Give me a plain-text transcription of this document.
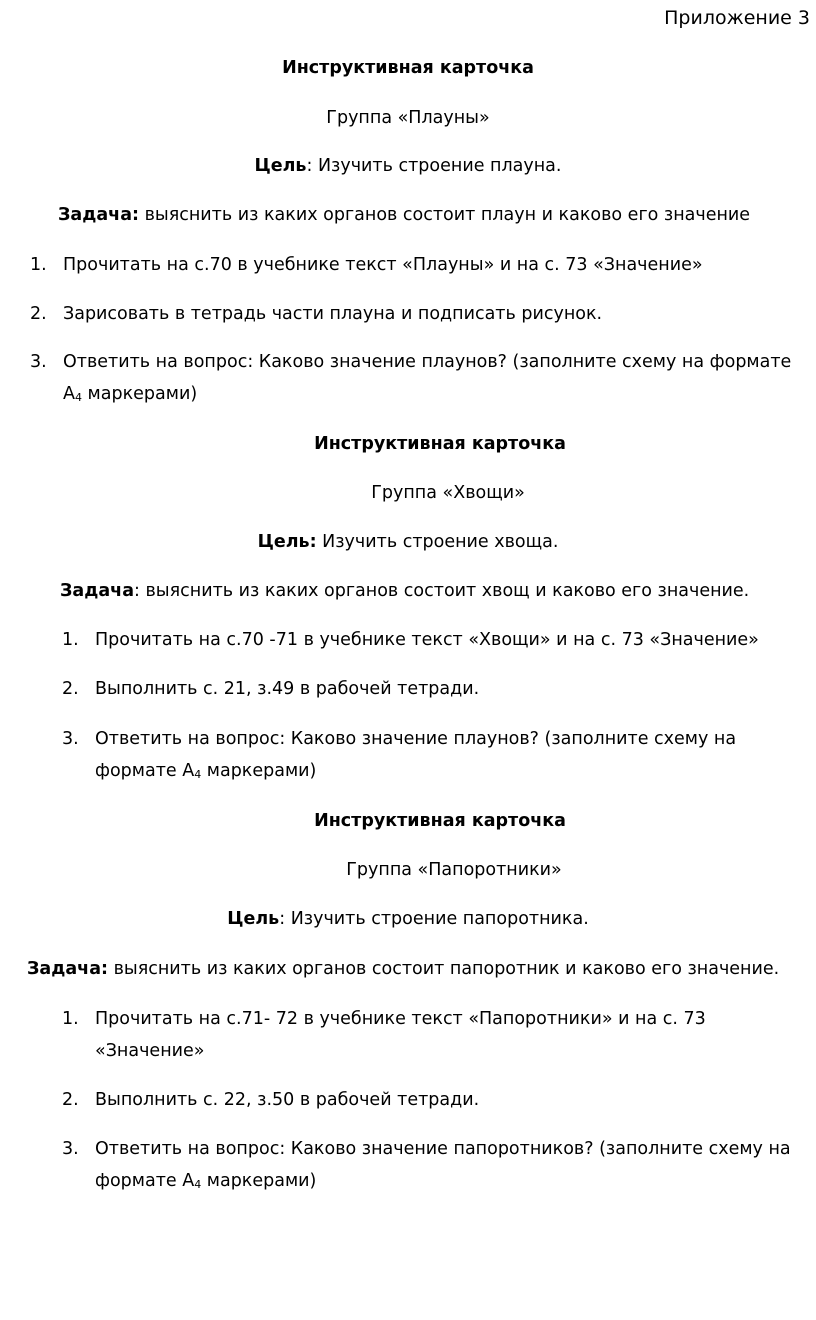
Приложение 3
Инструктивная карточка
Группа «Плауны»
Цель: Изучить строение плауна.
Задача: выяснить из каких органов состоит плаун и каково его значение
1. Прочитать на с.70 в учебнике текст «Плауны» и на с. 73 «Значение»
2. Зарисовать в тетрадь части плауна и подписать рисунок.
3. Ответить на вопрос: Каково значение плаунов? (заполните схему на формате
А4 маркерами)
Инструктивная карточка
Группа «Хвощи»
Цель: Изучить строение хвоща.
Задача: выяснить из каких органов состоит хвощ и каково его значение.
1. Прочитать на с.70 -71 в учебнике текст «Хвощи» и на с. 73 «Значение»
2. Выполнить с. 21, з.49 в рабочей тетради.
3. Ответить на вопрос: Каково значение плаунов? (заполните схему на
формате А4 маркерами)
Инструктивная карточка
Группа «Папоротники»
Цель: Изучить строение папоротника.
Задача: выяснить из каких органов состоит папоротник и каково его значение.
1. Прочитать на с.71- 72 в учебнике текст «Папоротники» и на с. 73
«Значение»
2. Выполнить с. 22, з.50 в рабочей тетради.
3. Ответить на вопрос: Каково значение папоротников? (заполните схему на
формате А4 маркерами)
